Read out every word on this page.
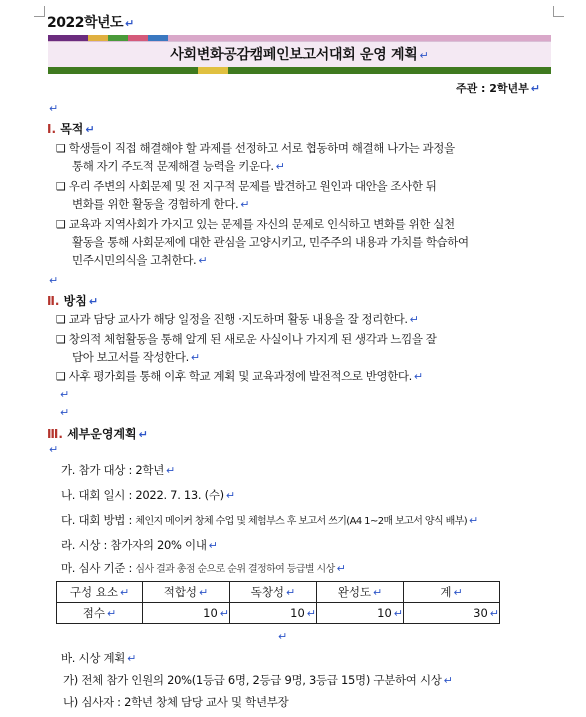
2022학년도 ↵
사회변화공감캠페인보고서대회 운영 계획 ↵
주관 : 2학년부 ↵
↵
Ⅰ. 목적 ↵
❑ 학생들이 직접 해결해야 할 과제를 선정하고 서로 협동하며 해결해 나가는 과정을
통해 자기 주도적 문제해결 능력을 키운다. ↵
❑ 우리 주변의 사회문제 및 전 지구적 문제를 발견하고 원인과 대안을 조사한 뒤
변화를 위한 활동을 경험하게 한다. ↵
❑ 교육과 지역사회가 가지고 있는 문제를 자신의 문제로 인식하고 변화를 위한 실천
활동을 통해 사회문제에 대한 관심을 고양시키고, 민주주의 내용과 가치를 학습하여
민주시민의식을 고취한다. ↵
↵
Ⅱ. 방침 ↵
❑ 교과 담당 교사가 해당 일정을 진행 ·지도하며 활동 내용을 잘 정리한다. ↵
❑ 창의적 체험활동을 통해 알게 된 새로운 사실이나 가지게 된 생각과 느낌을 잘
담아 보고서를 작성한다. ↵
❑ 사후 평가회를 통해 이후 학교 계획 및 교육과정에 발전적으로 반영한다. ↵
↵
↵
Ⅲ. 세부운영계획 ↵
↵
가. 참가 대상 : 2학년 ↵
나. 대회 일시 : 2022. 7. 13. (수) ↵
다. 대회 방법 : 체인지 메이커 창체 수업 및 체험부스 후 보고서 쓰기(A4 1~2매 보고서 양식 배부) ↵
라. 시상 : 참가자의 20% 이내 ↵
마. 심사 기준 : 심사 결과 총점 순으로 순위 결정하여 등급별 시상 ↵
구성 요소 ↵	적합성 ↵	독창성 ↵	완성도 ↵	계 ↵
점수 ↵	10 ↵	10 ↵	10 ↵	30 ↵
↵
바. 시상 계획 ↵
가) 전체 참가 인원의 20%(1등급 6명, 2등급 9명, 3등급 15명) 구분하여 시상 ↵
나) 심사자 : 2학년 창체 담당 교사 및 학년부장
